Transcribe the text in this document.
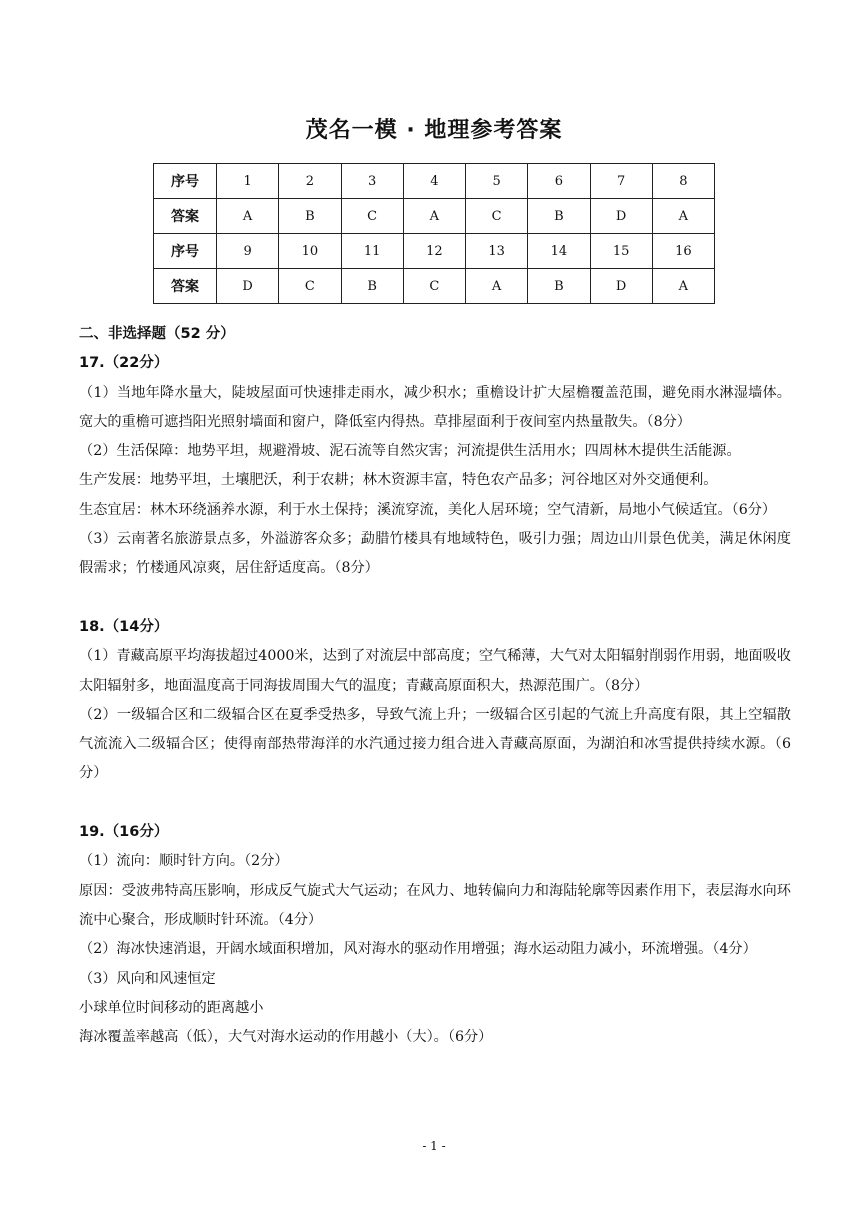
茂名一模 · 地理参考答案
序号	1	2	3	4	5	6	7	8
答案	A	B	C	A	C	B	D	A
序号	9	10	11	12	13	14	15	16
答案	D	C	B	C	A	B	D	A

二、非选择题（52 分）

17.（22分）

（1）当地年降水量大，陡坡屋面可快速排走雨水，减少积水；重檐设计扩大屋檐覆盖范围，避免雨水淋湿墙体。宽大的重檐可遮挡阳光照射墙面和窗户，降低室内得热。草排屋面利于夜间室内热量散失。（8分）

（2）生活保障：地势平坦，规避滑坡、泥石流等自然灾害；河流提供生活用水；四周林木提供生活能源。

生产发展：地势平坦，土壤肥沃，利于农耕；林木资源丰富，特色农产品多；河谷地区对外交通便利。

生态宜居：林木环绕涵养水源，利于水土保持；溪流穿流，美化人居环境；空气清新，局地小气候适宜。（6分）

（3）云南著名旅游景点多，外溢游客众多；勐腊竹楼具有地域特色，吸引力强；周边山川景色优美，满足休闲度假需求；竹楼通风凉爽，居住舒适度高。（8分）

18.（14分）

（1）青藏高原平均海拔超过4000米，达到了对流层中部高度；空气稀薄，大气对太阳辐射削弱作用弱，地面吸收太阳辐射多，地面温度高于同海拔周围大气的温度；青藏高原面积大，热源范围广。（8分）

（2）一级辐合区和二级辐合区在夏季受热多，导致气流上升；一级辐合区引起的气流上升高度有限，其上空辐散气流流入二级辐合区；使得南部热带海洋的水汽通过接力组合进入青藏高原面，为湖泊和冰雪提供持续水源。（6分）

19.（16分）

（1）流向：顺时针方向。（2分）

原因：受波弗特高压影响，形成反气旋式大气运动；在风力、地转偏向力和海陆轮廓等因素作用下，表层海水向环流中心聚合，形成顺时针环流。（4分）

（2）海冰快速消退，开阔水域面积增加，风对海水的驱动作用增强；海水运动阻力减小，环流增强。（4分）

（3）风向和风速恒定

小球单位时间移动的距离越小

海冰覆盖率越高（低），大气对海水运动的作用越小（大）。（6分）

- 1 -
